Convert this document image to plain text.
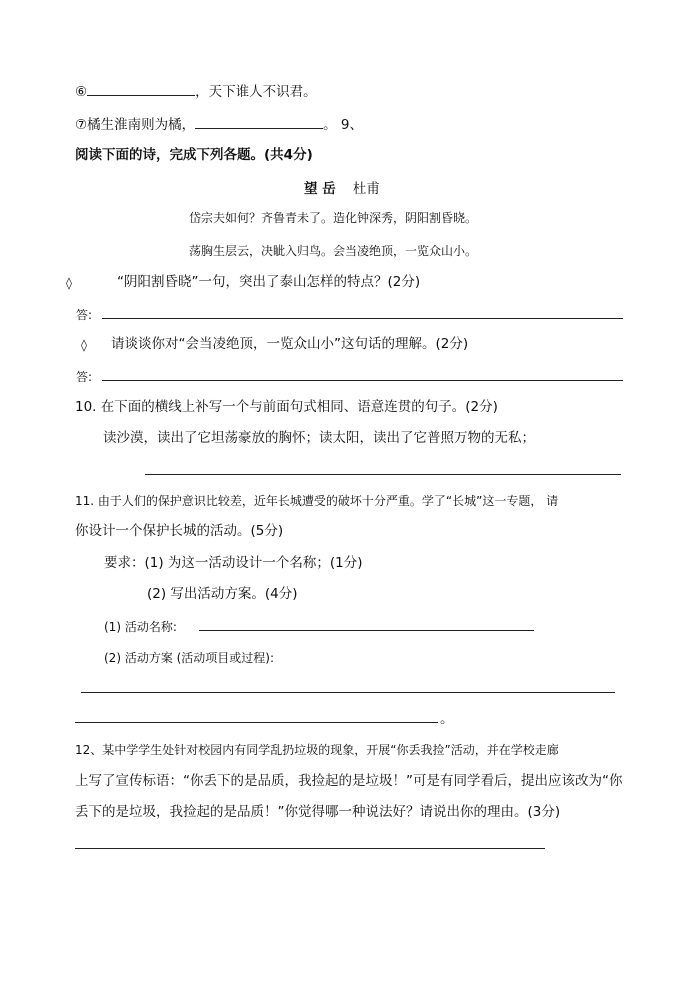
⑥	，天下谁人不识君。
⑦橘生淮南则为橘，	。 9、
阅读下面的诗，完成下列各题。(共4分)
望 岳 杜甫
岱宗夫如何？齐鲁青未了。造化钟深秀，阴阳割昏晓。
荡胸生层云，决眦入归鸟。会当凌绝顶，一览众山小。
◊	“阴阳割昏晓”一句，突出了泰山怎样的特点？(2分)
答:
◊ 请谈谈你对“会当凌绝顶，一览众山小”这句话的理解。(2分)
答:
10. 在下面的横线上补写一个与前面句式相同、语意连贯的句子。(2分)
读沙漠，读出了它坦荡豪放的胸怀；读太阳，读出了它普照万物的无私；
11. 由于人们的保护意识比较差，近年长城遭受的破坏十分严重。学了“长城”这一专题， 请
你设计一个保护长城的活动。(5分)
要求：(1) 为这一活动设计一个名称；(1分)
(2) 写出活动方案。(4分)
(1) 活动名称:
(2) 活动方案 (活动项目或过程):
。
12、某中学学生处针对校园内有同学乱扔垃圾的现象，开展“你丢我捡”活动，并在学校走廊
上写了宣传标语：“你丢下的是品质，我捡起的是垃圾！”可是有同学看后，提出应该改为“你
丢下的是垃圾，我捡起的是品质！”你觉得哪一种说法好？请说出你的理由。(3分)
